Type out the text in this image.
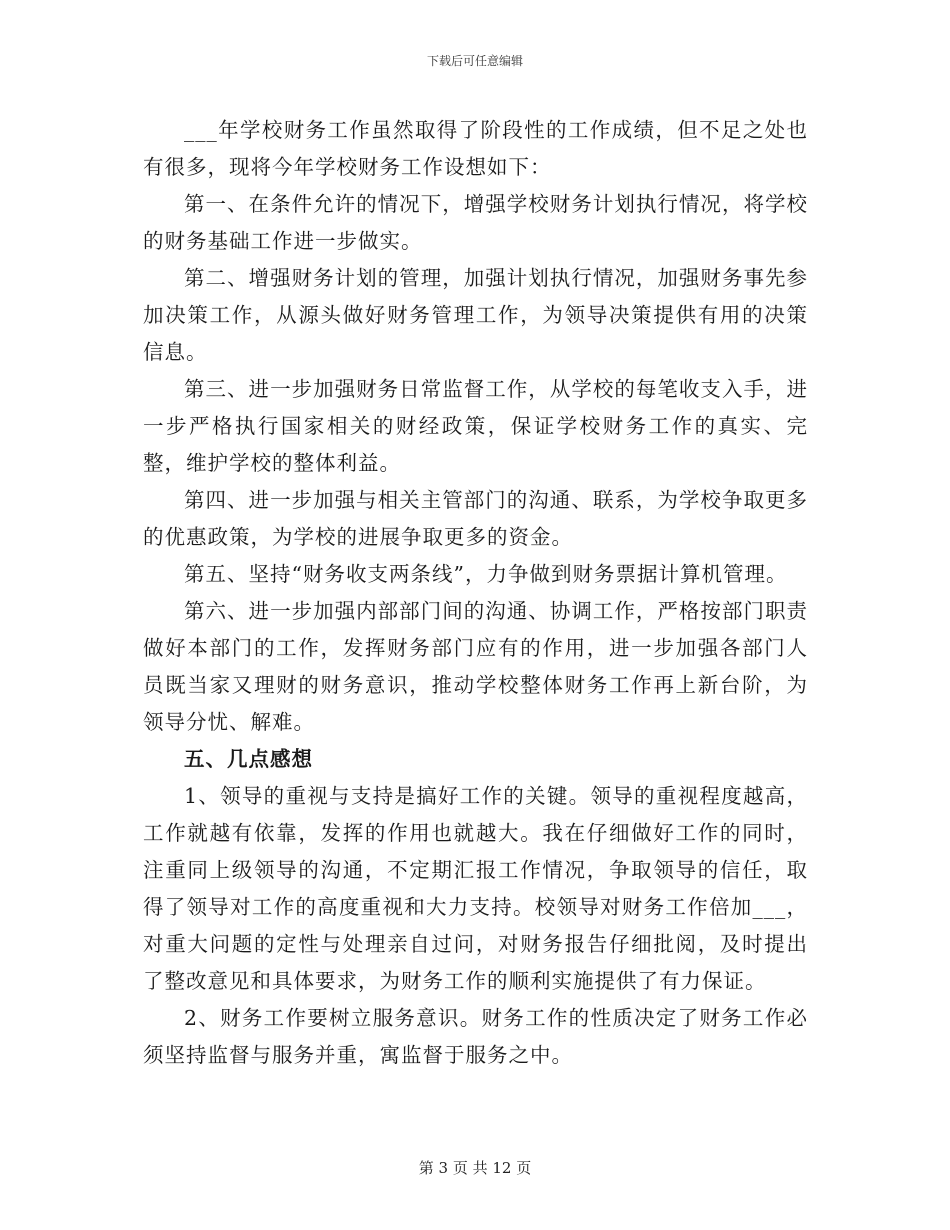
下载后可任意编辑

___年学校财务工作虽然取得了阶段性的工作成绩，但不足之处也有很多，现将今年学校财务工作设想如下：

第一、在条件允许的情况下，增强学校财务计划执行情况，将学校的财务基础工作进一步做实。

第二、增强财务计划的管理，加强计划执行情况，加强财务事先参加决策工作，从源头做好财务管理工作，为领导决策提供有用的决策信息。

第三、进一步加强财务日常监督工作，从学校的每笔收支入手，进一步严格执行国家相关的财经政策，保证学校财务工作的真实、完整，维护学校的整体利益。

第四、进一步加强与相关主管部门的沟通、联系，为学校争取更多的优惠政策，为学校的进展争取更多的资金。

第五、坚持“财务收支两条线”，力争做到财务票据计算机管理。

第六、进一步加强内部部门间的沟通、协调工作，严格按部门职责做好本部门的工作，发挥财务部门应有的作用，进一步加强各部门人员既当家又理财的财务意识，推动学校整体财务工作再上新台阶，为领导分忧、解难。

五、几点感想

1、领导的重视与支持是搞好工作的关键。领导的重视程度越高，工作就越有依靠，发挥的作用也就越大。我在仔细做好工作的同时，注重同上级领导的沟通，不定期汇报工作情况，争取领导的信任，取得了领导对工作的高度重视和大力支持。校领导对财务工作倍加___，对重大问题的定性与处理亲自过问，对财务报告仔细批阅，及时提出了整改意见和具体要求，为财务工作的顺利实施提供了有力保证。

2、财务工作要树立服务意识。财务工作的性质决定了财务工作必须坚持监督与服务并重，寓监督于服务之中。

第 3 页 共 12 页
